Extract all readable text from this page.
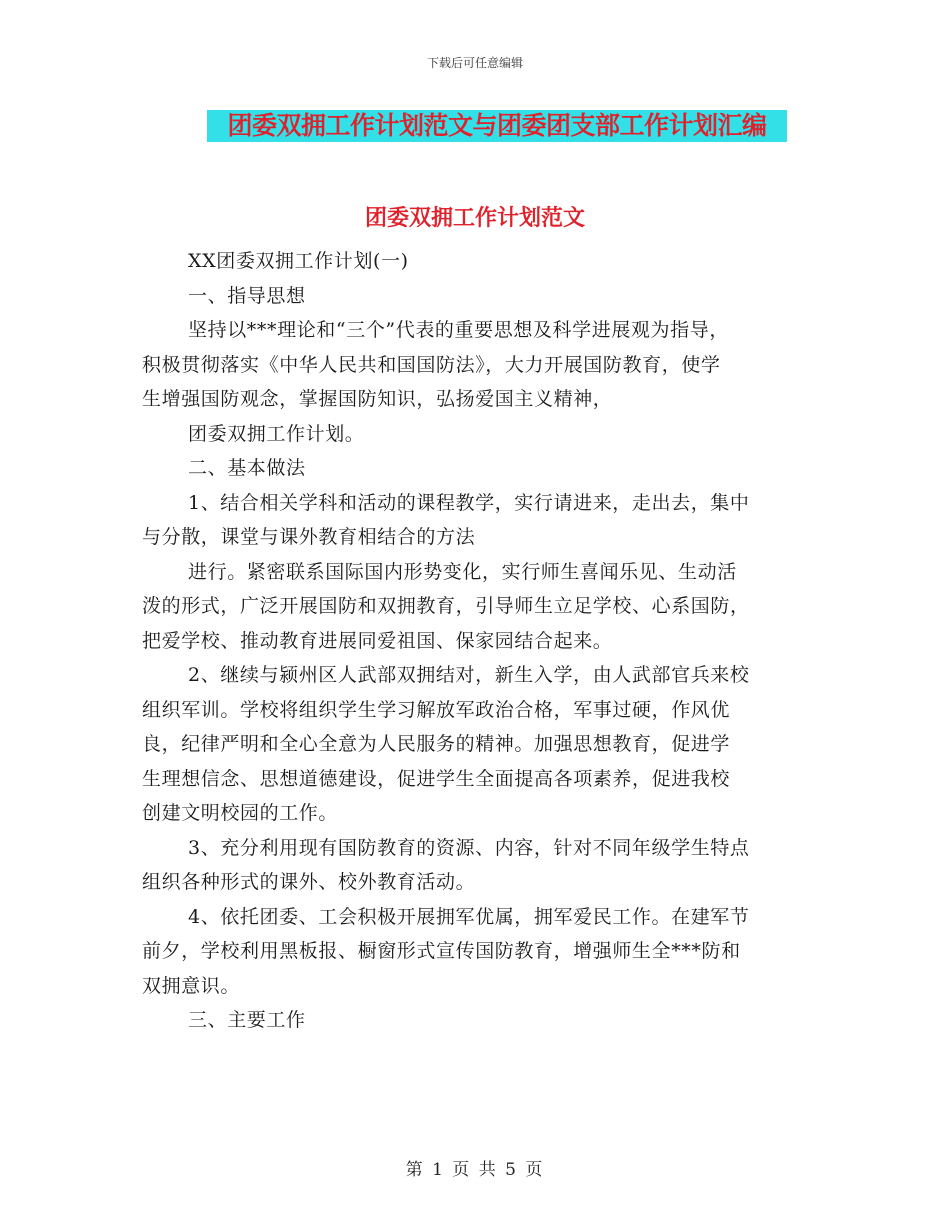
下载后可任意编辑
团委双拥工作计划范文与团委团支部工作计划汇编
团委双拥工作计划范文

XX团委双拥工作计划(一)

一、指导思想

坚持以***理论和“三个”代表的重要思想及科学进展观为指导，
积极贯彻落实《中华人民共和国国防法》，大力开展国防教育，使学
生增强国防观念，掌握国防知识，弘扬爱国主义精神，

团委双拥工作计划。

二、基本做法

1、结合相关学科和活动的课程教学，实行请进来，走出去，集中
与分散，课堂与课外教育相结合的方法

进行。紧密联系国际国内形势变化，实行师生喜闻乐见、生动活
泼的形式，广泛开展国防和双拥教育，引导师生立足学校、心系国防，
把爱学校、推动教育进展同爱祖国、保家园结合起来。

2、继续与颍州区人武部双拥结对，新生入学，由人武部官兵来校
组织军训。学校将组织学生学习解放军政治合格，军事过硬，作风优
良，纪律严明和全心全意为人民服务的精神。加强思想教育，促进学
生理想信念、思想道德建设，促进学生全面提高各项素养，促进我校
创建文明校园的工作。

3、充分利用现有国防教育的资源、内容，针对不同年级学生特点
组织各种形式的课外、校外教育活动。

4、依托团委、工会积极开展拥军优属，拥军爱民工作。在建军节
前夕，学校利用黑板报、橱窗形式宣传国防教育，增强师生全***防和
双拥意识。

三、主要工作

第 1 页 共 5 页
